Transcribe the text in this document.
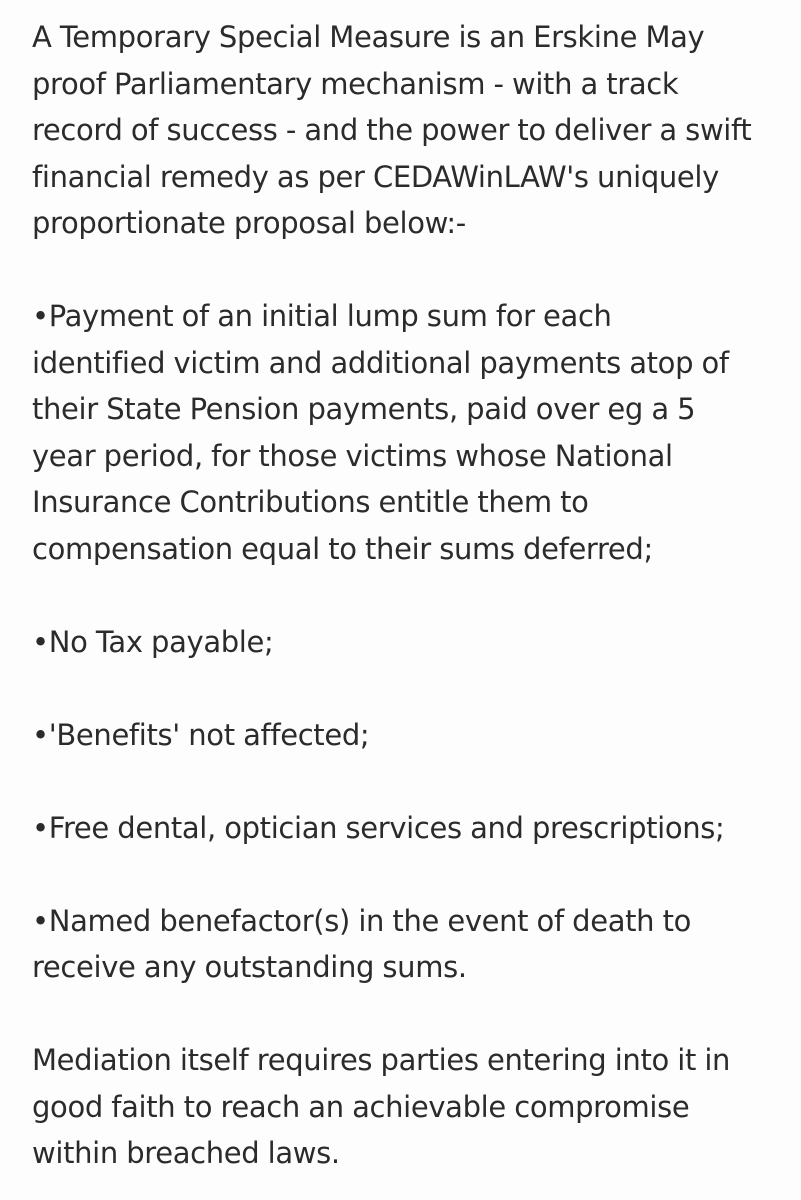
A Temporary Special Measure is an Erskine May
proof Parliamentary mechanism - with a track
record of success - and the power to deliver a swift
financial remedy as per CEDAWinLAW's uniquely
proportionate proposal below:-

•Payment of an initial lump sum for each
identified victim and additional payments atop of
their State Pension payments, paid over eg a 5
year period, for those victims whose National
Insurance Contributions entitle them to
compensation equal to their sums deferred;

•No Tax payable;

•'Benefits' not affected;

•Free dental, optician services and prescriptions;

•Named benefactor(s) in the event of death to
receive any outstanding sums.

Mediation itself requires parties entering into it in
good faith to reach an achievable compromise
within breached laws.
